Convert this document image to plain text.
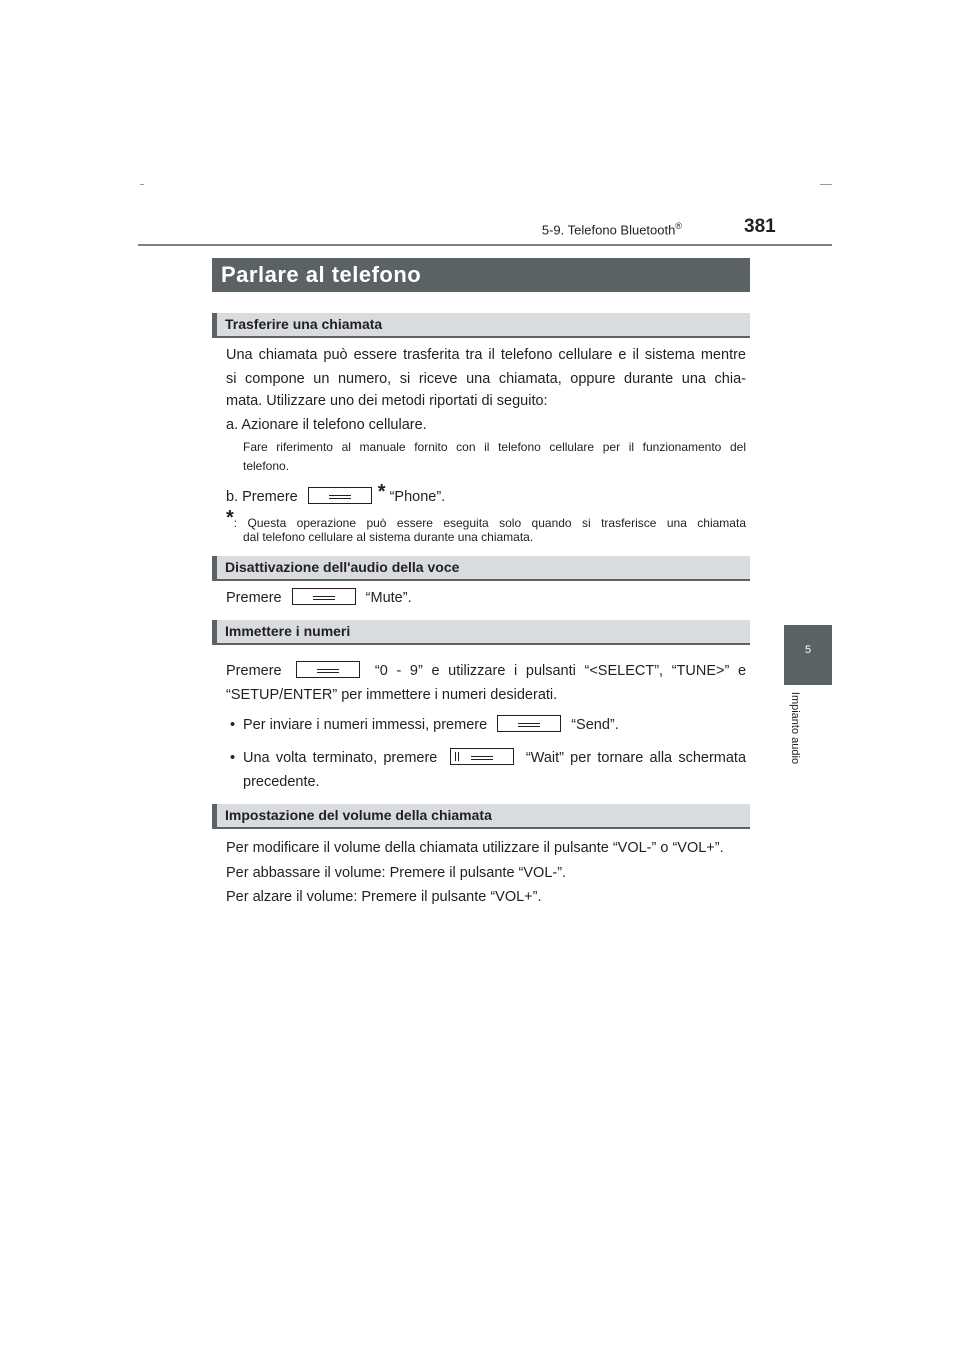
5-9. Telefono Bluetooth®	381
5
Impianto audio
Parlare al telefono
Trasferire una chiamata
Una chiamata può essere trasferita tra il telefono cellulare e il sistema mentre
si compone un numero, si riceve una chiamata, oppure durante una chia-
mata. Utilizzare uno dei metodi riportati di seguito:
a. Azionare il telefono cellulare.
Fare riferimento al manuale fornito con il telefono cellulare per il funzionamento del
telefono.
b. Premere	* “Phone”.
*: Questa operazione può essere eseguita solo quando si trasferisce una chiamata
dal telefono cellulare al sistema durante una chiamata.
Disattivazione dell'audio della voce
Premere	“Mute”.
Immettere i numeri
Premere	“0 - 9” e utilizzare i pulsanti “<SELECT”, “TUNE>” e
“SETUP/ENTER” per immettere i numeri desiderati.
• Per inviare i numeri immessi, premere	“Send”.
• Una volta terminato, premere	“Wait” per tornare alla schermata
precedente.
Impostazione del volume della chiamata
Per modificare il volume della chiamata utilizzare il pulsante “VOL-” o “VOL+”.
Per abbassare il volume: Premere il pulsante “VOL-”.
Per alzare il volume: Premere il pulsante “VOL+”.
